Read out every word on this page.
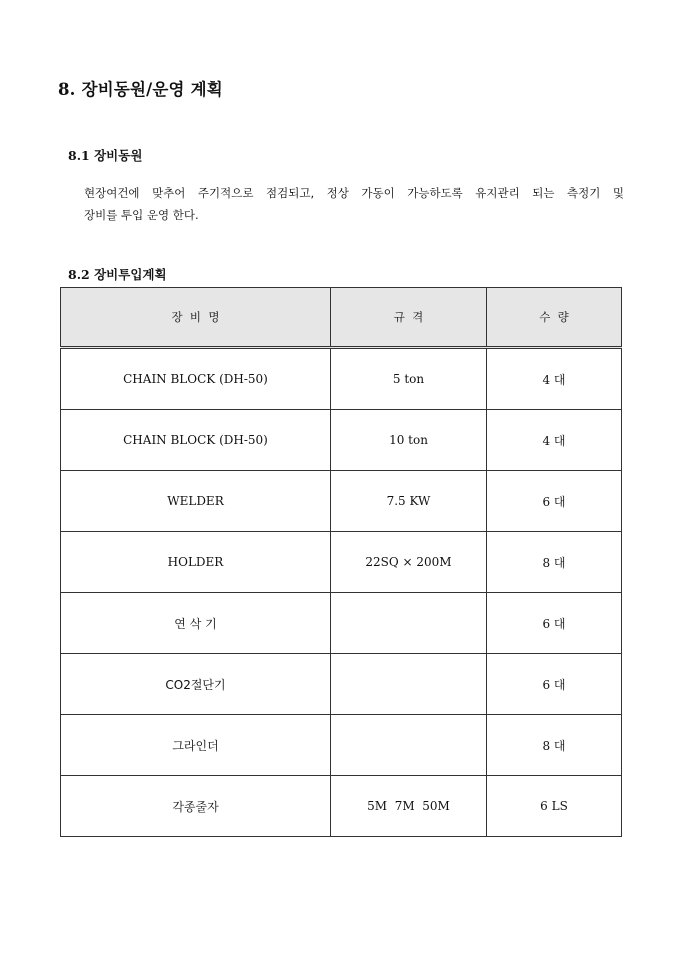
8. 장비동원/운영 계획
8.1 장비동원
현장여건에 맞추어 주기적으로 점검되고, 정상 가동이 가능하도록 유지관리 되는 측정기 및
장비를 투입 운영 한다.
8.2 장비투입계획
장  비  명	규  격	수  량
CHAIN BLOCK (DH-50)	5 ton	4 대
CHAIN BLOCK (DH-50)	10 ton	4 대
WELDER	7.5 KW	6 대
HOLDER	22SQ × 200M	8 대
연 삭 기		6 대
CO2절단기		6 대
그라인더		8 대
각종줄자	5M  7M  50M	6 LS
